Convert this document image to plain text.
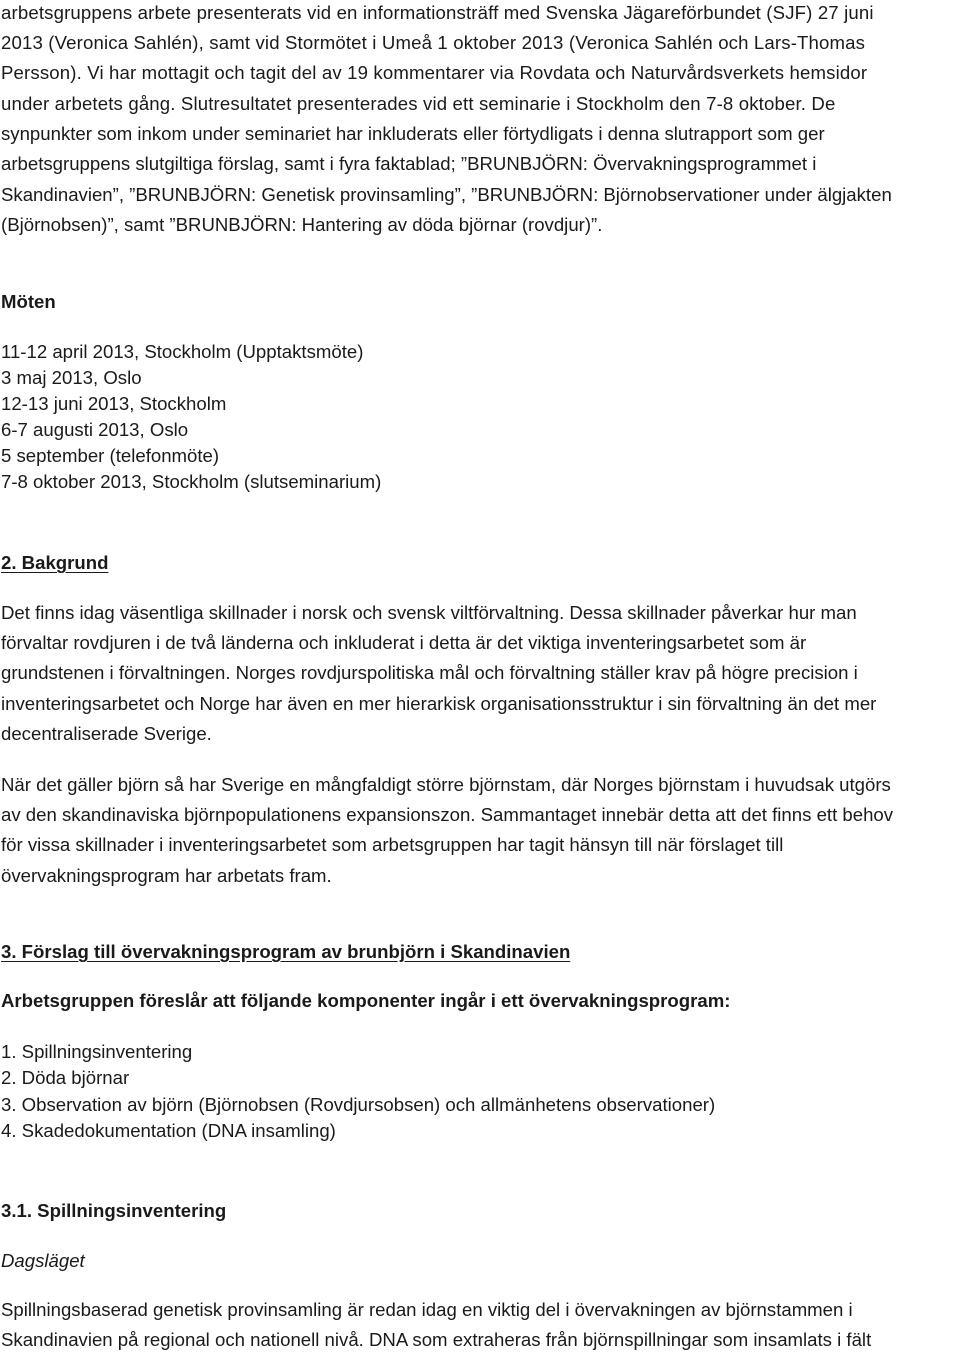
arbetsgruppens arbete presenterats vid en informationsträff med Svenska Jägareförbundet (SJF) 27 juni
2013 (Veronica Sahlén), samt vid Stormötet i Umeå 1 oktober 2013 (Veronica Sahlén och Lars-Thomas
Persson). Vi har mottagit och tagit del av 19 kommentarer via Rovdata och Naturvårdsverkets hemsidor
under arbetets gång. Slutresultatet presenterades vid ett seminarie i Stockholm den 7-8 oktober. De
synpunkter som inkom under seminariet har inkluderats eller förtydligats i denna slutrapport som ger
arbetsgruppens slutgiltiga förslag, samt i fyra faktablad; ”BRUNBJÖRN: Övervakningsprogrammet i
Skandinavien”, ”BRUNBJÖRN: Genetisk provinsamling”, ”BRUNBJÖRN: Björnobservationer under älgjakten
(Björnobsen)”, samt ”BRUNBJÖRN: Hantering av döda björnar (rovdjur)”.
Möten
11-12 april 2013, Stockholm (Upptaktsmöte)
3 maj 2013, Oslo
12-13 juni 2013, Stockholm
6-7 augusti 2013, Oslo
5 september (telefonmöte)
7-8 oktober 2013, Stockholm (slutseminarium)
2. Bakgrund
Det finns idag väsentliga skillnader i norsk och svensk viltförvaltning. Dessa skillnader påverkar hur man
förvaltar rovdjuren i de två länderna och inkluderat i detta är det viktiga inventeringsarbetet som är
grundstenen i förvaltningen. Norges rovdjurspolitiska mål och förvaltning ställer krav på högre precision i
inventeringsarbetet och Norge har även en mer hierarkisk organisationsstruktur i sin förvaltning än det mer
decentraliserade Sverige.
När det gäller björn så har Sverige en mångfaldigt större björnstam, där Norges björnstam i huvudsak utgörs
av den skandinaviska björnpopulationens expansionszon. Sammantaget innebär detta att det finns ett behov
för vissa skillnader i inventeringsarbetet som arbetsgruppen har tagit hänsyn till när förslaget till
övervakningsprogram har arbetats fram.
3. Förslag till övervakningsprogram av brunbjörn i Skandinavien
Arbetsgruppen föreslår att följande komponenter ingår i ett övervakningsprogram:
1. Spillningsinventering
2. Döda björnar
3. Observation av björn (Björnobsen (Rovdjursobsen) och allmänhetens observationer)
4. Skadedokumentation (DNA insamling)
3.1. Spillningsinventering
Dagsläget
Spillningsbaserad genetisk provinsamling är redan idag en viktig del i övervakningen av björnstammen i
Skandinavien på regional och nationell nivå. DNA som extraheras från björnspillningar som insamlats i fält
